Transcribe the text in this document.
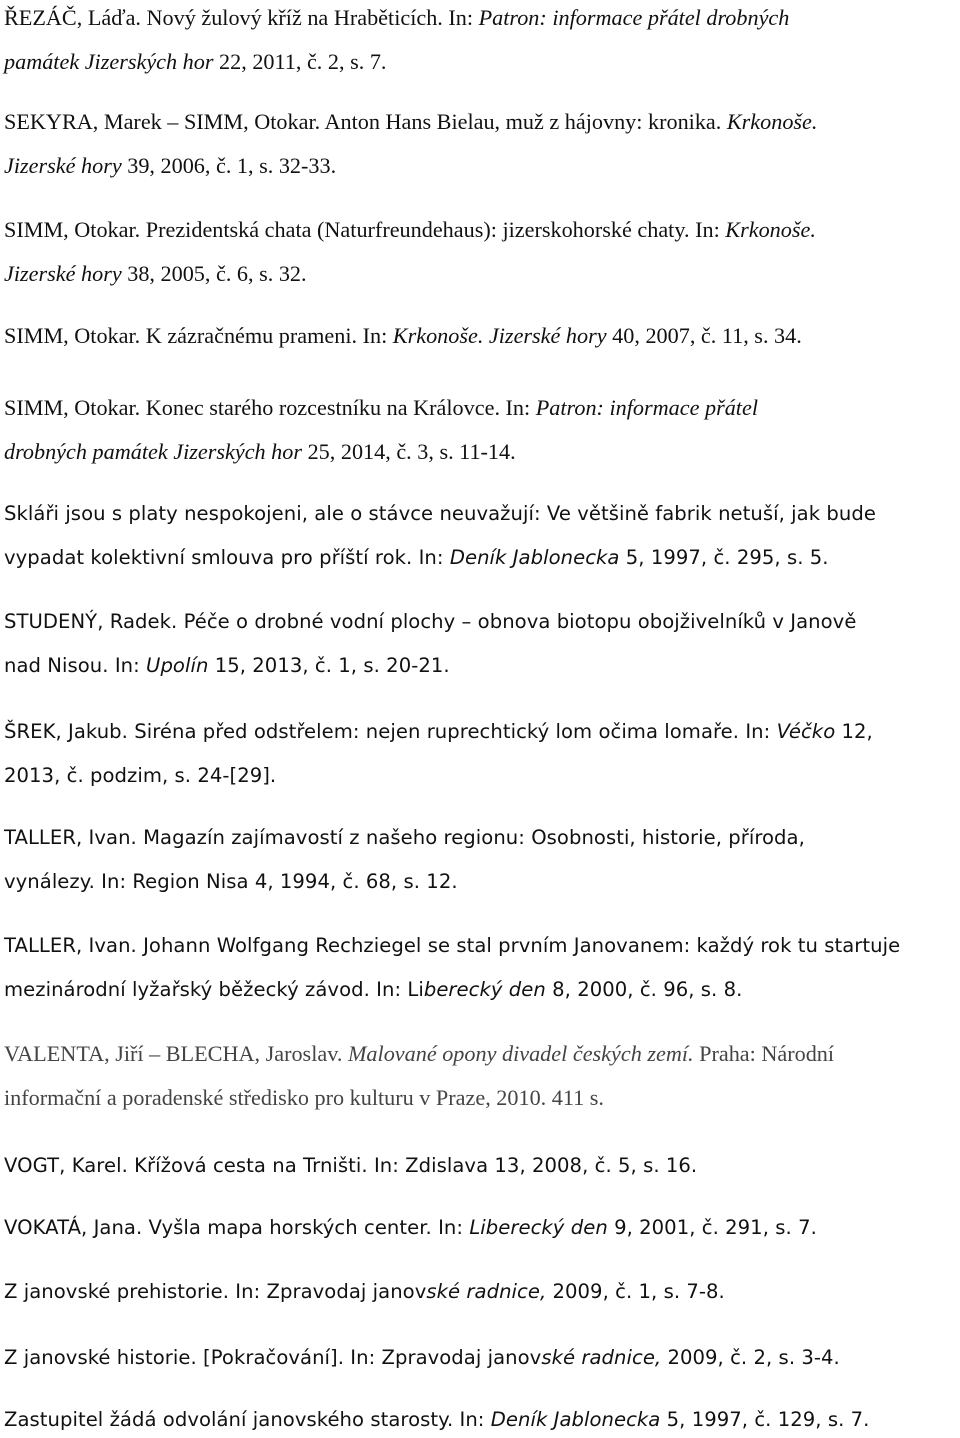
ŘEZÁČ, Láďa. Nový žulový kříž na Hraběticích. In: Patron: informace přátel drobných
památek Jizerských hor 22, 2011, č. 2, s. 7.
SEKYRA, Marek – SIMM, Otokar. Anton Hans Bielau, muž z hájovny: kronika. Krkonoše.
Jizerské hory 39, 2006, č. 1, s. 32-33.
SIMM, Otokar. Prezidentská chata (Naturfreundehaus): jizerskohorské chaty. In: Krkonoše.
Jizerské hory 38, 2005, č. 6, s. 32.
SIMM, Otokar. K zázračnému prameni. In: Krkonoše. Jizerské hory 40, 2007, č. 11, s. 34.
SIMM, Otokar. Konec starého rozcestníku na Královce. In: Patron: informace přátel
drobných památek Jizerských hor 25, 2014, č. 3, s. 11-14.
Skláři jsou s platy nespokojeni, ale o stávce neuvažují: Ve většině fabrik netuší, jak bude
vypadat kolektivní smlouva pro příští rok. In: Deník Jablonecka 5, 1997, č. 295, s. 5.
STUDENÝ, Radek. Péče o drobné vodní plochy – obnova biotopu obojživelníků v Janově
nad Nisou. In: Upolín 15, 2013, č. 1, s. 20-21.
ŠREK, Jakub. Siréna před odstřelem: nejen ruprechtický lom očima lomaře. In: Véčko 12,
2013, č. podzim, s. 24-[29].
TALLER, Ivan. Magazín zajímavostí z našeho regionu: Osobnosti, historie, příroda,
vynálezy. In: Region Nisa 4, 1994, č. 68, s. 12.
TALLER, Ivan. Johann Wolfgang Rechziegel se stal prvním Janovanem: každý rok tu startuje
mezinárodní lyžařský běžecký závod. In: Liberecký den 8, 2000, č. 96, s. 8.
VALENTA, Jiří – BLECHA, Jaroslav. Malované opony divadel českých zemí. Praha: Národní
informační a poradenské středisko pro kulturu v Praze, 2010. 411 s.
VOGT, Karel. Křížová cesta na Trništi. In: Zdislava 13, 2008, č. 5, s. 16.
VOKATÁ, Jana. Vyšla mapa horských center. In: Liberecký den 9, 2001, č. 291, s. 7.
Z janovské prehistorie. In: Zpravodaj janovské radnice, 2009, č. 1, s. 7-8.
Z janovské historie. [Pokračování]. In: Zpravodaj janovské radnice, 2009, č. 2, s. 3-4.
Zastupitel žádá odvolání janovského starosty. In: Deník Jablonecka 5, 1997, č. 129, s. 7.
